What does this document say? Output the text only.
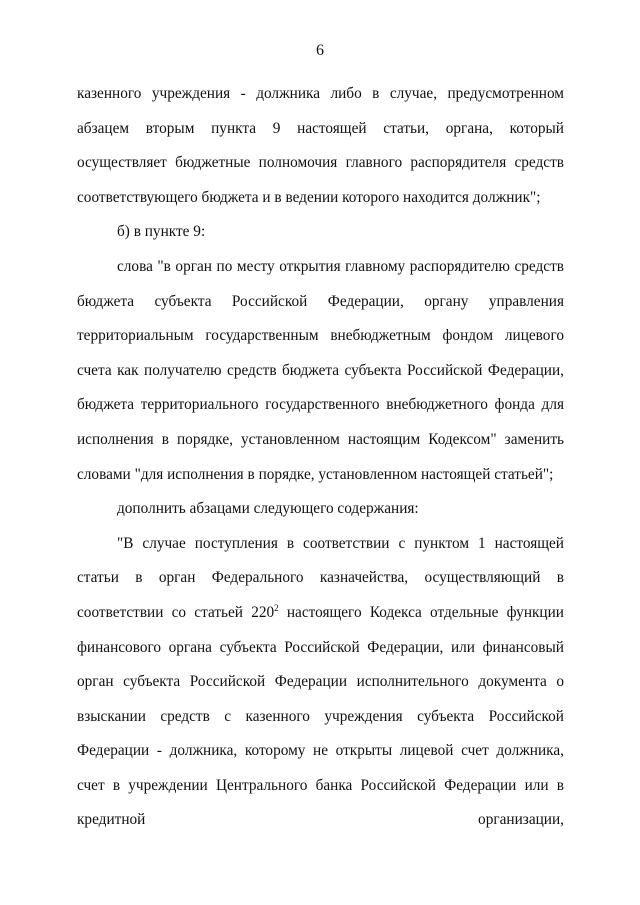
6

казенного учреждения - должника либо в случае, предусмотренном абзацем вторым пункта 9 настоящей статьи, органа, который осуществляет бюджетные полномочия главного распорядителя средств соответствующего бюджета и в ведении которого находится должник";

б) в пункте 9:

слова "в орган по месту открытия главному распорядителю средств бюджета субъекта Российской Федерации, органу управления территориальным государственным внебюджетным фондом лицевого счета как получателю средств бюджета субъекта Российской Федерации, бюджета территориального государственного внебюджетного фонда для исполнения в порядке, установленном настоящим Кодексом" заменить словами "для исполнения в порядке, установленном настоящей статьей";

дополнить абзацами следующего содержания:

"В случае поступления в соответствии с пунктом 1 настоящей статьи в орган Федерального казначейства, осуществляющий в соответствии со статьей $220^2$ настоящего Кодекса отдельные функции финансового органа субъекта Российской Федерации, или финансовый орган субъекта Российской Федерации исполнительного документа о взыскании средств с казенного учреждения субъекта Российской Федерации - должника, которому не открыты лицевой счет должника, счет в учреждении Центрального банка Российской Федерации или в кредитной организации,
